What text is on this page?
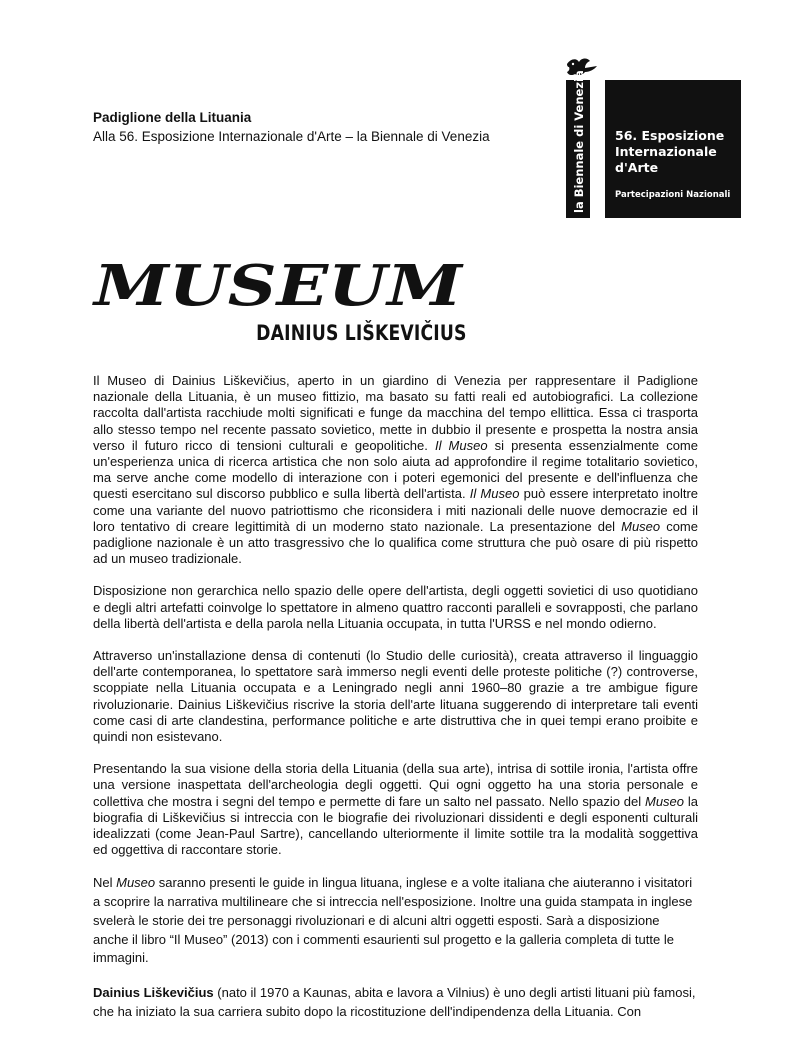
Padiglione della Lituania
Alla 56. Esposizione Internazionale d'Arte – la Biennale di Venezia	la Biennale di Venezia 56. Esposizione
Internazionale
d'Arte
Partecipazioni Nazionali
MUSEUM
DAINIUS LIŠKEVIČIUS

Il Museo di Dainius Liškevičius, aperto in un giardino di Venezia per rappresentare il Padiglione nazionale della Lituania, è un museo fittizio, ma basato su fatti reali ed autobiografici. La collezione raccolta dall'artista racchiude molti significati e funge da macchina del tempo ellittica. Essa ci trasporta allo stesso tempo nel recente passato sovietico, mette in dubbio il presente e prospetta la nostra ansia verso il futuro ricco di tensioni culturali e geopolitiche. Il Museo si presenta essenzialmente come un'esperienza unica di ricerca artistica che non solo aiuta ad approfondire il regime totalitario sovietico, ma serve anche come modello di interazione con i poteri egemonici del presente e dell'influenza che questi esercitano sul discorso pubblico e sulla libertà dell'artista. Il Museo può essere interpretato inoltre come una variante del nuovo patriottismo che riconsidera i miti nazionali delle nuove democrazie ed il loro tentativo di creare legittimità di un moderno stato nazionale. La presentazione del Museo come padiglione nazionale è un atto trasgressivo che lo qualifica come struttura che può osare di più rispetto ad un museo tradizionale.

Disposizione non gerarchica nello spazio delle opere dell'artista, degli oggetti sovietici di uso quotidiano e degli altri artefatti coinvolge lo spettatore in almeno quattro racconti paralleli e sovrapposti, che parlano della libertà dell'artista e della parola nella Lituania occupata, in tutta l'URSS e nel mondo odierno.

Attraverso un'installazione densa di contenuti (lo Studio delle curiosità), creata attraverso il linguaggio dell'arte contemporanea, lo spettatore sarà immerso negli eventi delle proteste politiche (?) controverse, scoppiate nella Lituania occupata e a Leningrado negli anni 1960–80 grazie a tre ambigue figure rivoluzionarie. Dainius Liškevičius riscrive la storia dell'arte lituana suggerendo di interpretare tali eventi come casi di arte clandestina, performance politiche e arte distruttiva che in quei tempi erano proibite e quindi non esistevano.

Presentando la sua visione della storia della Lituania (della sua arte), intrisa di sottile ironia, l'artista offre una versione inaspettata dell'archeologia degli oggetti. Qui ogni oggetto ha una storia personale e collettiva che mostra i segni del tempo e permette di fare un salto nel passato. Nello spazio del Museo la biografia di Liškevičius si intreccia con le biografie dei rivoluzionari dissidenti e degli esponenti culturali idealizzati (come Jean-Paul Sartre), cancellando ulteriormente il limite sottile tra la modalità soggettiva ed oggettiva di raccontare storie.

Nel Museo saranno presenti le guide in lingua lituana, inglese e a volte italiana che aiuteranno i visitatori a scoprire la narrativa multilineare che si intreccia nell'esposizione. Inoltre una guida stampata in inglese svelerà le storie dei tre personaggi rivoluzionari e di alcuni altri oggetti esposti. Sarà a disposizione anche il libro “Il Museo” (2013) con i commenti esaurienti sul progetto e la galleria completa di tutte le immagini.

Dainius Liškevičius (nato il 1970 a Kaunas, abita e lavora a Vilnius) è uno degli artisti lituani più famosi, che ha iniziato la sua carriera subito dopo la ricostituzione dell'indipendenza della Lituania. Con
